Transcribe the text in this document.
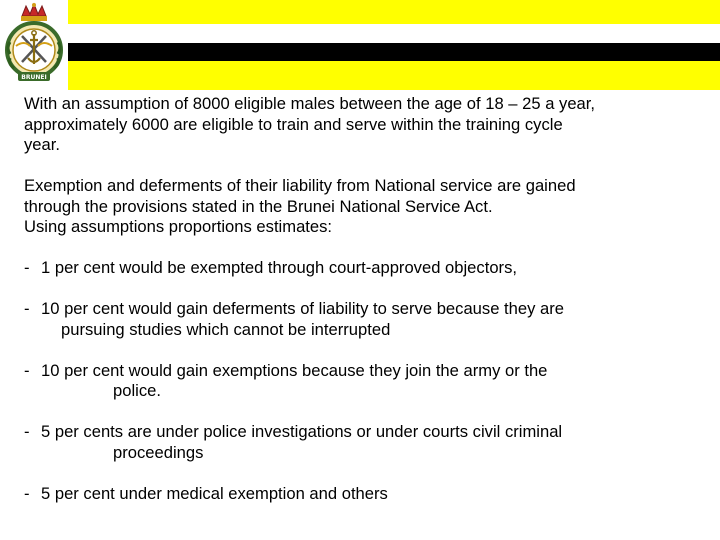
BRUNEI

With an assumption of 8000 eligible males between the age of 18 – 25 a year,
approximately 6000 are eligible to train and serve within the training cycle
year.

Exemption and deferments of their liability from National service are gained
through the provisions stated in the Brunei National Service Act.
Using assumptions proportions estimates:

- 1 per cent would be exempted through court-approved objectors,
- 10 per cent would gain deferments of liability to serve because they are
pursuing studies which cannot be interrupted
- 10 per cent would gain exemptions because they join the army or the
police.
- 5 per cents are under police investigations or under courts civil criminal
proceedings
- 5 per cent under medical exemption and others
